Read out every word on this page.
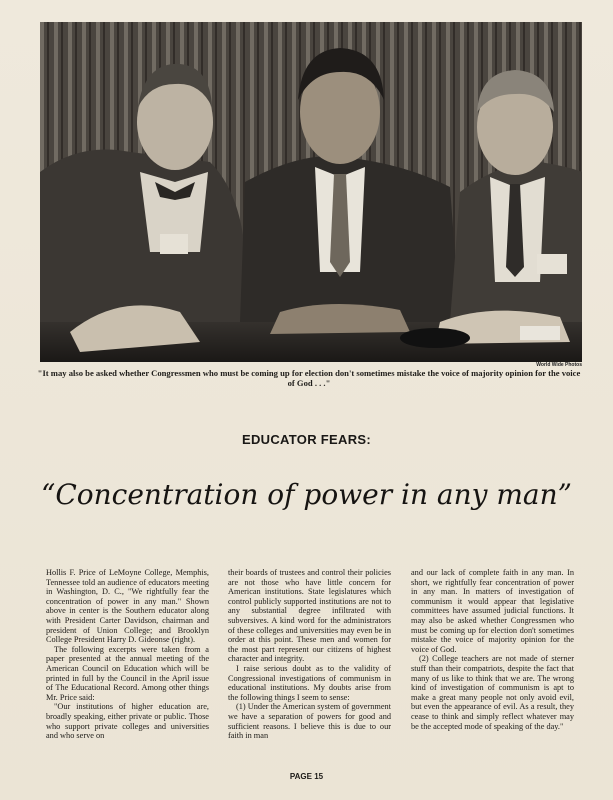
World Wide Photos
"It may also be asked whether Congressmen who must be coming up for election don't sometimes mistake the voice of majority opinion for the voice of God . . ."
EDUCATOR FEARS:
“Concentration of power in any man”

Hollis F. Price of LeMoyne College, Memphis, Tennessee told an audience of educators meeting in Washington, D. C., "We rightfully fear the concentration of power in any man." Shown above in center is the Southern educator along with President Carter Davidson, chairman and president of Union College; and Brooklyn College President Harry D. Gideonse (right).

The following excerpts were taken from a paper presented at the annual meeting of the American Council on Education which will be printed in full by the Council in the April issue of The Educational Record. Among other things Mr. Price said:

"Our institutions of higher education are, broadly speaking, either private or public. Those who support private colleges and universities and who serve on

their boards of trustees and control their policies are not those who have little concern for American institutions. State legislatures which control publicly supported institutions are not to any substantial degree infiltrated with subversives. A kind word for the administrators of these colleges and universities may even be in order at this point. These men and women for the most part represent our citizens of highest character and integrity.

I raise serious doubt as to the validity of Congressional investigations of communism in educational institutions. My doubts arise from the following things I seem to sense:

(1) Under the American system of government we have a separation of powers for good and sufficient reasons. I believe this is due to our faith in man

and our lack of complete faith in any man. In short, we rightfully fear concentration of power in any man. In matters of investigation of communism it would appear that legislative committees have assumed judicial functions. It may also be asked whether Congressmen who must be coming up for election don't sometimes mistake the voice of majority opinion for the voice of God.

(2) College teachers are not made of sterner stuff than their compatriots, despite the fact that many of us like to think that we are. The wrong kind of investigation of communism is apt to make a great many people not only avoid evil, but even the appearance of evil. As a result, they cease to think and simply reflect whatever may be the accepted mode of speaking of the day."

PAGE 15
